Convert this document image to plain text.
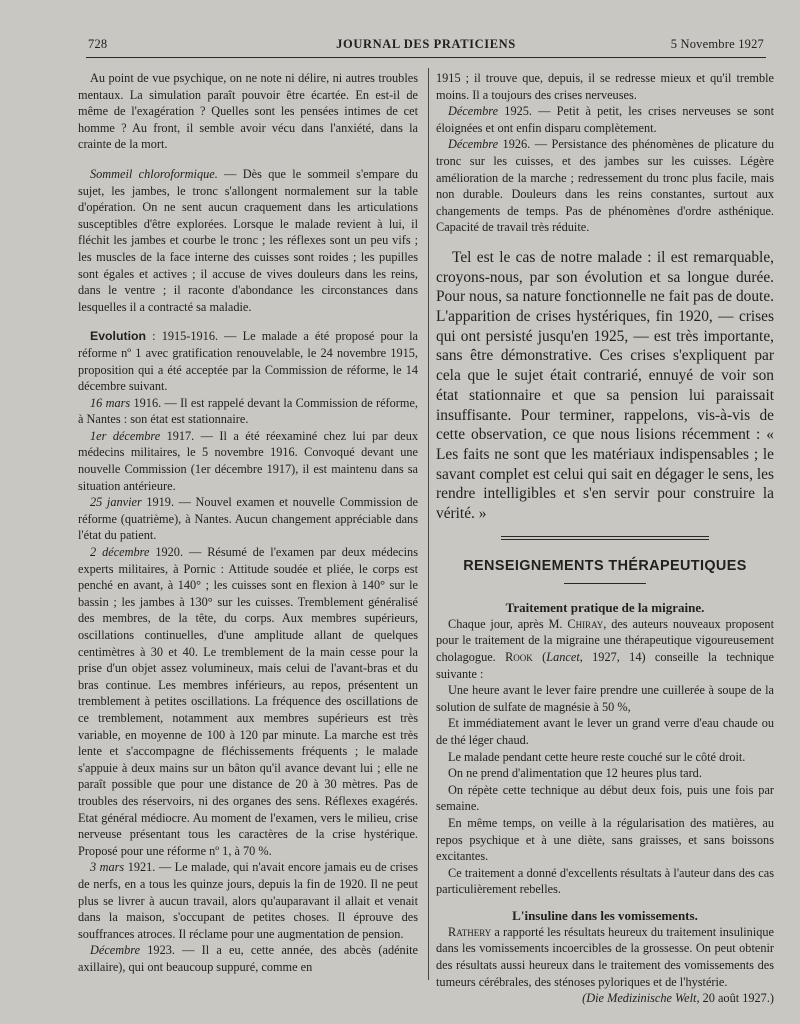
728	JOURNAL DES PRATICIENS	5 Novembre 1927

Au point de vue psychique, on ne note ni délire, ni autres troubles mentaux. La simulation paraît pouvoir être écartée. En est-il de même de l'exagération ? Quelles sont les pensées intimes de cet homme ? Au front, il semble avoir vécu dans l'anxiété, dans la crainte de la mort.

Sommeil chloroformique. — Dès que le sommeil s'empare du sujet, les jambes, le tronc s'allongent normalement sur la table d'opération. On ne sent aucun craquement dans les articulations susceptibles d'être explorées. Lorsque le malade revient à lui, il fléchit les jambes et courbe le tronc ; les réflexes sont un peu vifs ; les muscles de la face interne des cuisses sont roides ; les pupilles sont égales et actives ; il accuse de vives douleurs dans les reins, dans le ventre ; il raconte d'abondance les circonstances dans lesquelles il a contracté sa maladie.

Evolution : 1915-1916. — Le malade a été proposé pour la réforme nº 1 avec gratification renouvelable, le 24 novembre 1915, proposition qui a été acceptée par la Commission de réforme, le 14 décembre suivant.

16 mars 1916. — Il est rappelé devant la Commission de réforme, à Nantes : son état est stationnaire.

1er décembre 1917. — Il a été réexaminé chez lui par deux médecins militaires, le 5 novembre 1916. Convoqué devant une nouvelle Commission (1er décembre 1917), il est maintenu dans sa situation antérieure.

25 janvier 1919. — Nouvel examen et nouvelle Commission de réforme (quatrième), à Nantes. Aucun changement appréciable dans l'état du patient.

2 décembre 1920. — Résumé de l'examen par deux médecins experts militaires, à Pornic : Attitude soudée et pliée, le corps est penché en avant, à 140° ; les cuisses sont en flexion à 140° sur le bassin ; les jambes à 130° sur les cuisses. Tremblement généralisé des membres, de la tête, du corps. Aux membres supérieurs, oscillations continuelles, d'une amplitude allant de quelques centimètres à 30 et 40. Le tremblement de la main cesse pour la prise d'un objet assez volumineux, mais celui de l'avant-bras et du bras continue. Les membres inférieurs, au repos, présentent un tremblement à petites oscillations. La fréquence des oscillations de ce tremblement, notamment aux membres supérieurs est très variable, en moyenne de 100 à 120 par minute. La marche est très lente et s'accompagne de fléchissements fréquents ; le malade s'appuie à deux mains sur un bâton qu'il avance devant lui ; elle ne paraît possible que pour une distance de 20 à 30 mètres. Pas de troubles des réservoirs, ni des organes des sens. Réflexes exagérés. Etat général médiocre. Au moment de l'examen, vers le milieu, crise nerveuse présentant tous les caractères de la crise hystérique. Proposé pour une réforme nº 1, à 70 %.

3 mars 1921. — Le malade, qui n'avait encore jamais eu de crises de nerfs, en a tous les quinze jours, depuis la fin de 1920. Il ne peut plus se livrer à aucun travail, alors qu'auparavant il allait et venait dans la maison, s'occupant de petites choses. Il éprouve des souffrances atroces. Il réclame pour une augmentation de pension.

Décembre 1923. — Il a eu, cette année, des abcès (adénite axillaire), qui ont beaucoup suppuré, comme en

1915 ; il trouve que, depuis, il se redresse mieux et qu'il tremble moins. Il a toujours des crises nerveuses.

Décembre 1925. — Petit à petit, les crises nerveuses se sont éloignées et ont enfin disparu complètement.

Décembre 1926. — Persistance des phénomènes de plicature du tronc sur les cuisses, et des jambes sur les cuisses. Légère amélioration de la marche ; redressement du tronc plus facile, mais non durable. Douleurs dans les reins constantes, surtout aux changements de temps. Pas de phénomènes d'ordre asthénique. Capacité de travail très réduite.

Tel est le cas de notre malade : il est remarquable, croyons-nous, par son évolution et sa longue durée. Pour nous, sa nature fonctionnelle ne fait pas de doute. L'apparition de crises hystériques, fin 1920, — crises qui ont persisté jusqu'en 1925, — est très importante, sans être démonstrative. Ces crises s'expliquent par cela que le sujet était contrarié, ennuyé de voir son état stationnaire et que sa pension lui paraissait insuffisante. Pour terminer, rappelons, vis-à-vis de cette observation, ce que nous lisions récemment : « Les faits ne sont que les matériaux indispensables ; le savant complet est celui qui sait en dégager le sens, les rendre intelligibles et s'en servir pour construire la vérité. »

RENSEIGNEMENTS THÉRAPEUTIQUES
Traitement pratique de la migraine.

Chaque jour, après M. Chiray, des auteurs nouveaux proposent pour le traitement de la migraine une thérapeutique vigoureusement cholagogue. Rook (Lancet, 1927, 14) conseille la technique suivante :

Une heure avant le lever faire prendre une cuillerée à soupe de la solution de sulfate de magnésie à 50 %,

Et immédiatement avant le lever un grand verre d'eau chaude ou de thé léger chaud.

Le malade pendant cette heure reste couché sur le côté droit.

On ne prend d'alimentation que 12 heures plus tard.

On répète cette technique au début deux fois, puis une fois par semaine.

En même temps, on veille à la régularisation des matières, au repos psychique et à une diète, sans graisses, et sans boissons excitantes.

Ce traitement a donné d'excellents résultats à l'auteur dans des cas particulièrement rebelles.

L'insuline dans les vomissements.

Rathery a rapporté les résultats heureux du traitement insulinique dans les vomissements incoercibles de la grossesse. On peut obtenir des résultats aussi heureux dans le traitement des vomissements des tumeurs cérébrales, des sténoses pyloriques et de l'hystérie.

(Die Medizinische Welt, 20 août 1927.)
